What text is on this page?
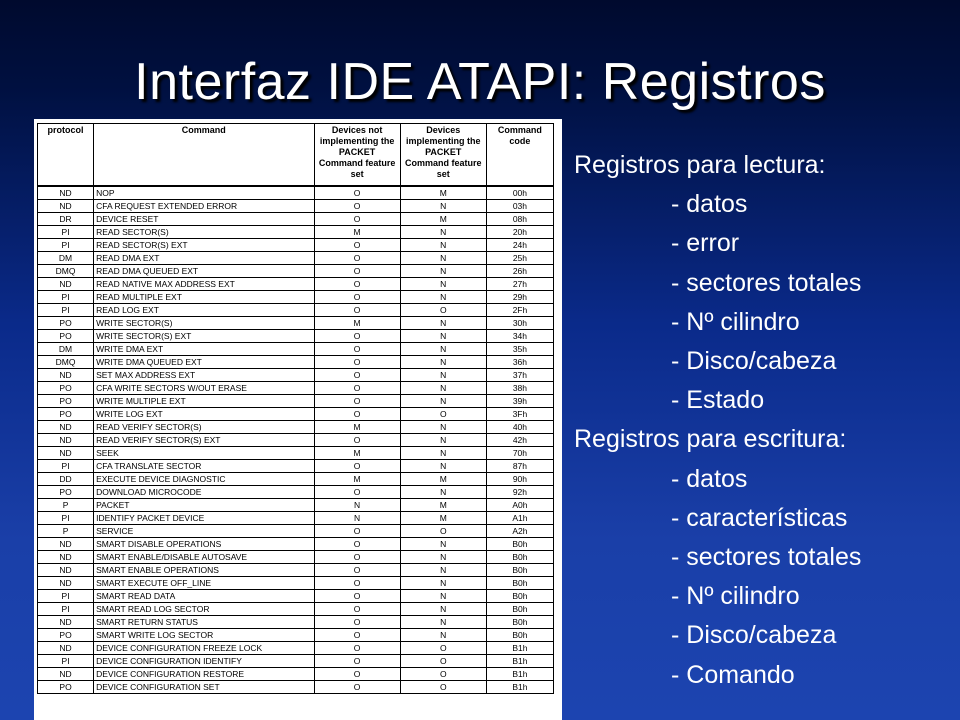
Interfaz IDE ATAPI: Registros
protocol	Command	Devices not implementing the PACKET Command feature set	Devices implementing the PACKET Command feature set	Command code
ND	NOP	O	M	00h
ND	CFA REQUEST EXTENDED ERROR	O	N	03h
DR	DEVICE RESET	O	M	08h
PI	READ SECTOR(S)	M	N	20h
PI	READ SECTOR(S) EXT	O	N	24h
DM	READ DMA EXT	O	N	25h
DMQ	READ DMA QUEUED EXT	O	N	26h
ND	READ NATIVE MAX ADDRESS EXT	O	N	27h
PI	READ MULTIPLE EXT	O	N	29h
PI	READ LOG EXT	O	O	2Fh
PO	WRITE SECTOR(S)	M	N	30h
PO	WRITE SECTOR(S) EXT	O	N	34h
DM	WRITE DMA EXT	O	N	35h
DMQ	WRITE DMA QUEUED EXT	O	N	36h
ND	SET MAX ADDRESS EXT	O	N	37h
PO	CFA WRITE SECTORS W/OUT ERASE	O	N	38h
PO	WRITE MULTIPLE EXT	O	N	39h
PO	WRITE LOG EXT	O	O	3Fh
ND	READ VERIFY SECTOR(S)	M	N	40h
ND	READ VERIFY SECTOR(S) EXT	O	N	42h
ND	SEEK	M	N	70h
PI	CFA TRANSLATE SECTOR	O	N	87h
DD	EXECUTE DEVICE DIAGNOSTIC	M	M	90h
PO	DOWNLOAD MICROCODE	O	N	92h
P	PACKET	N	M	A0h
PI	IDENTIFY PACKET DEVICE	N	M	A1h
P	SERVICE	O	O	A2h
ND	SMART DISABLE OPERATIONS	O	N	B0h
ND	SMART ENABLE/DISABLE AUTOSAVE	O	N	B0h
ND	SMART ENABLE OPERATIONS	O	N	B0h
ND	SMART EXECUTE OFF_LINE	O	N	B0h
PI	SMART READ DATA	O	N	B0h
PI	SMART READ LOG SECTOR	O	N	B0h
ND	SMART RETURN STATUS	O	N	B0h
PO	SMART WRITE LOG SECTOR	O	N	B0h
ND	DEVICE CONFIGURATION FREEZE LOCK	O	O	B1h
PI	DEVICE CONFIGURATION IDENTIFY	O	O	B1h
ND	DEVICE CONFIGURATION RESTORE	O	O	B1h
PO	DEVICE CONFIGURATION SET	O	O	B1h
Registros para lectura:
- datos
- error
- sectores totales
- Nº cilindro
- Disco/cabeza
- Estado
Registros para escritura:
- datos
- características
- sectores totales
- Nº cilindro
- Disco/cabeza
- Comando
